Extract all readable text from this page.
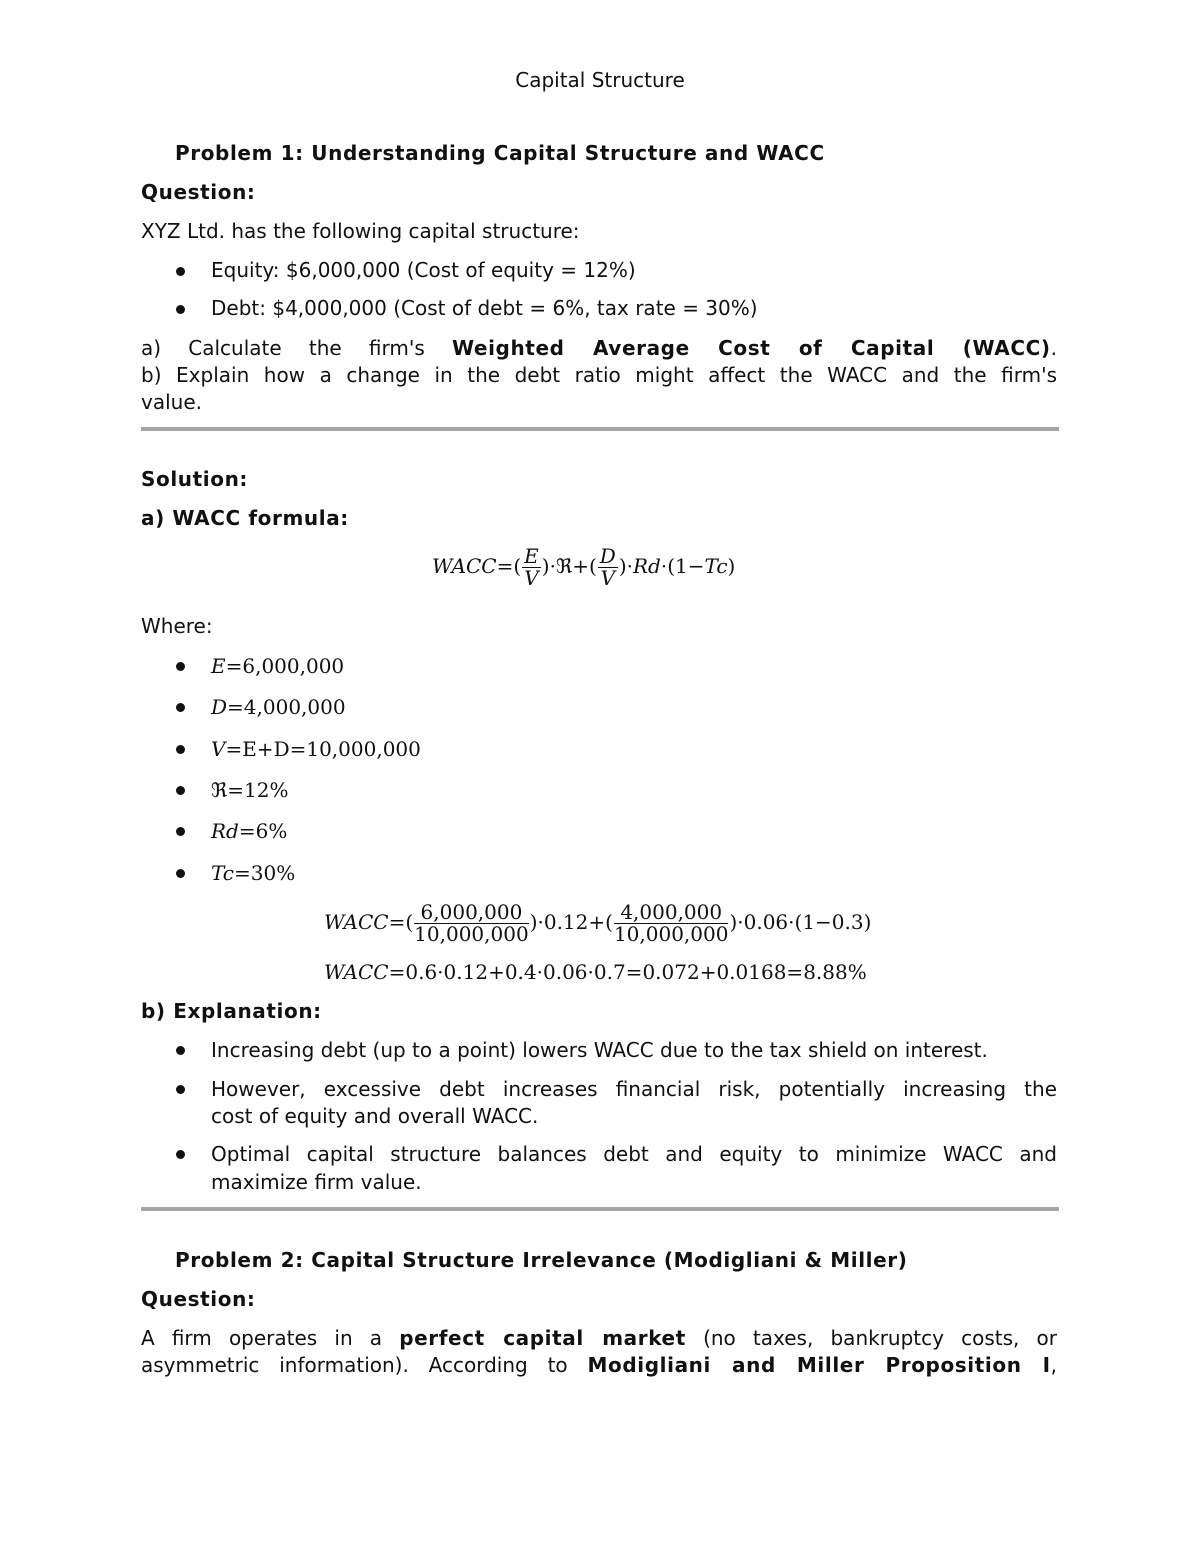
Capital Structure
Problem 1: Understanding Capital Structure and WACC
Question:
XYZ Ltd. has the following capital structure:
Equity: $6,000,000 (Cost of equity = 12%)
Debt: $4,000,000 (Cost of debt = 6%, tax rate = 30%)
a) Calculate the firm's Weighted Average Cost of Capital (WACC).
b) Explain how a change in the debt ratio might affect the WACC and the firm's
value.
Solution:
a) WACC formula:
WACC=( $\frac{E}{V}$ )·ℜ+( $\frac{D}{V} )\cdot Rd\cdot(1-Tc)$
Where:
E=6,000,000
D=4,000,000
V=E+D=10,000,000
ℜ=12%
Rd=6%
Tc=30%
WACC=( $\frac{6,000,000}{10,000,000} )\cdot 0.12+( \frac{4,000,000}{10,000,000} )\cdot 0.06\cdot(1-0.3)$
WACC=0.6·0.12+0.4·0.06·0.7=0.072+0.0168=8.88%
b) Explanation:
Increasing debt (up to a point) lowers WACC due to the tax shield on interest.
However, excessive debt increases financial risk, potentially increasing the
cost of equity and overall WACC.
Optimal capital structure balances debt and equity to minimize WACC and
maximize firm value.
Problem 2: Capital Structure Irrelevance (Modigliani & Miller)
Question:
A firm operates in a perfect capital market (no taxes, bankruptcy costs, or
asymmetric information). According to Modigliani and Miller Proposition I,
